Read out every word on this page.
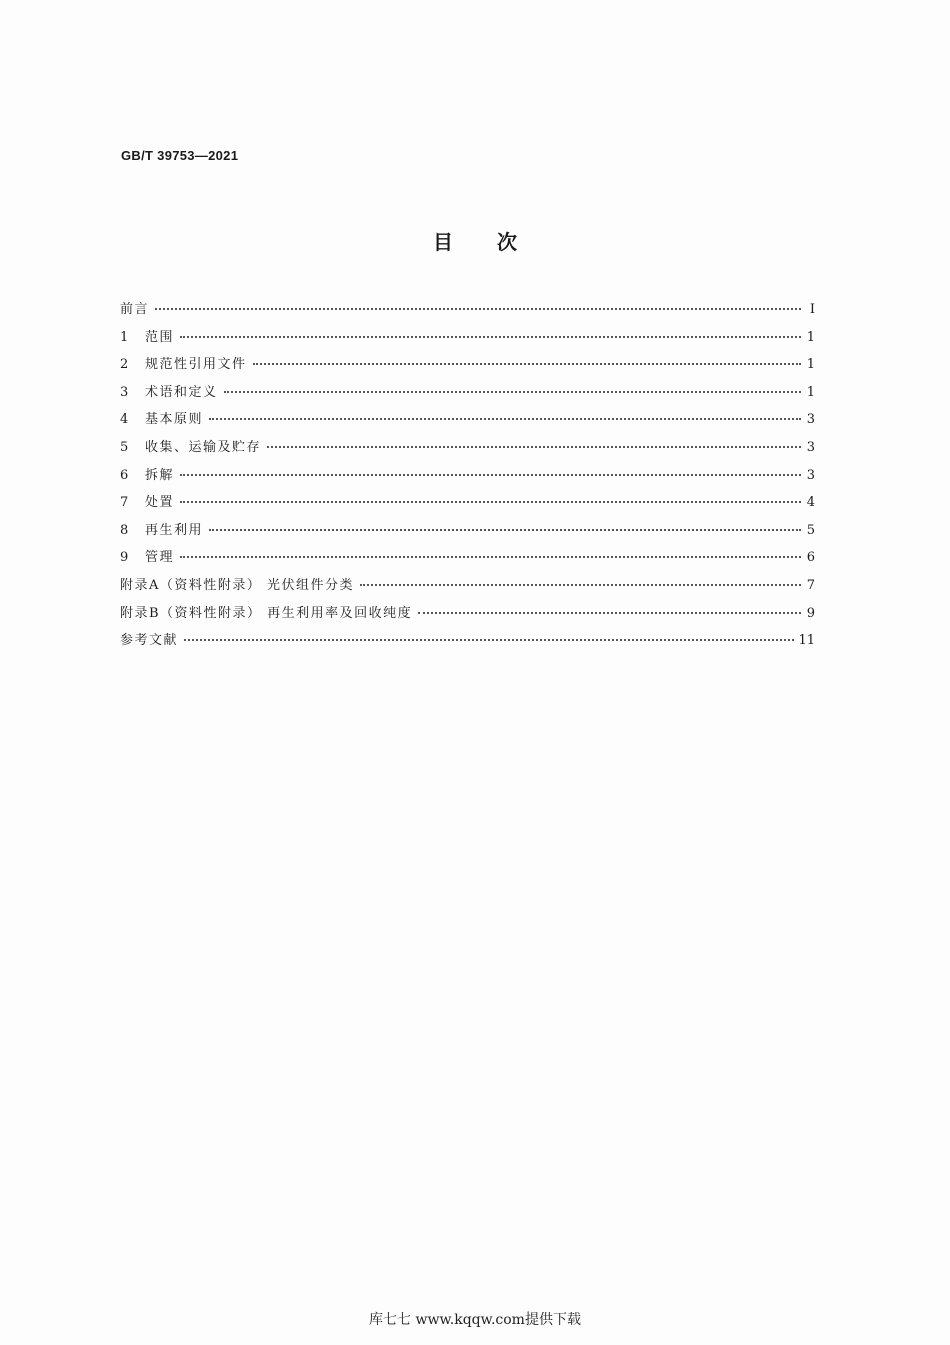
GB/T 39753—2021
目次
前言	I
1	范围	1
2	规范性引用文件	1
3	术语和定义	1
4	基本原则	3
5	收集、运输及贮存	3
6	拆解	3
7	处置	4
8	再生利用	5
9	管理	6
附录A（资料性附录） 光伏组件分类	7
附录B（资料性附录） 再生利用率及回收纯度	9
参考文献	11
库七七 www.kqqw.com提供下载
